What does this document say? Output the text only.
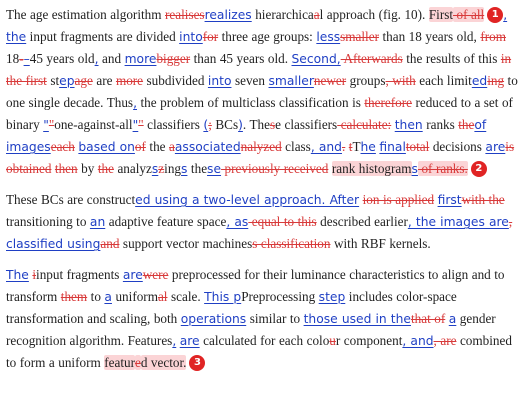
The age estimation algorithm realisesrealizes hierarchicaal approach (fig. 10). First of all 1 , the input fragments are divided intofor three age groups: lesssmaller than 18 years old, from 18-–45 years old, and morebigger than 45 years old. Second, Afterwards the results of this in the first stepage are more subdivided into seven smallernewer groups, with each limiteding to one single decade. Thus, the problem of multiclass classification is therefore reduced to a set of binary ""one-against-all"" classifiers (; BCs). These classifiers calculate: then ranks theof imageseach based onof the aassociatednalyzed class, and. tThe finaltotal decisions areis obtained then by the analyzszings these previously received rank histograms of ranks. 2

These BCs are constructed using a two-level approach. After ion is applied firstwith the transitioning to an adaptive feature space, as equal to this described earlier, the images are, classified usingand support vector machiness classification with RBF kernels.

The iinput fragments arewere preprocessed for their luminance characteristics to align and to transform them to a uniformal scale. This pPreprocessing step includes color-space transformation and scaling, both operations similar to those used in thethat of a gender recognition algorithm. Features, are calculated for each colour component, and, are combined to form a uniform featured vector. 3
